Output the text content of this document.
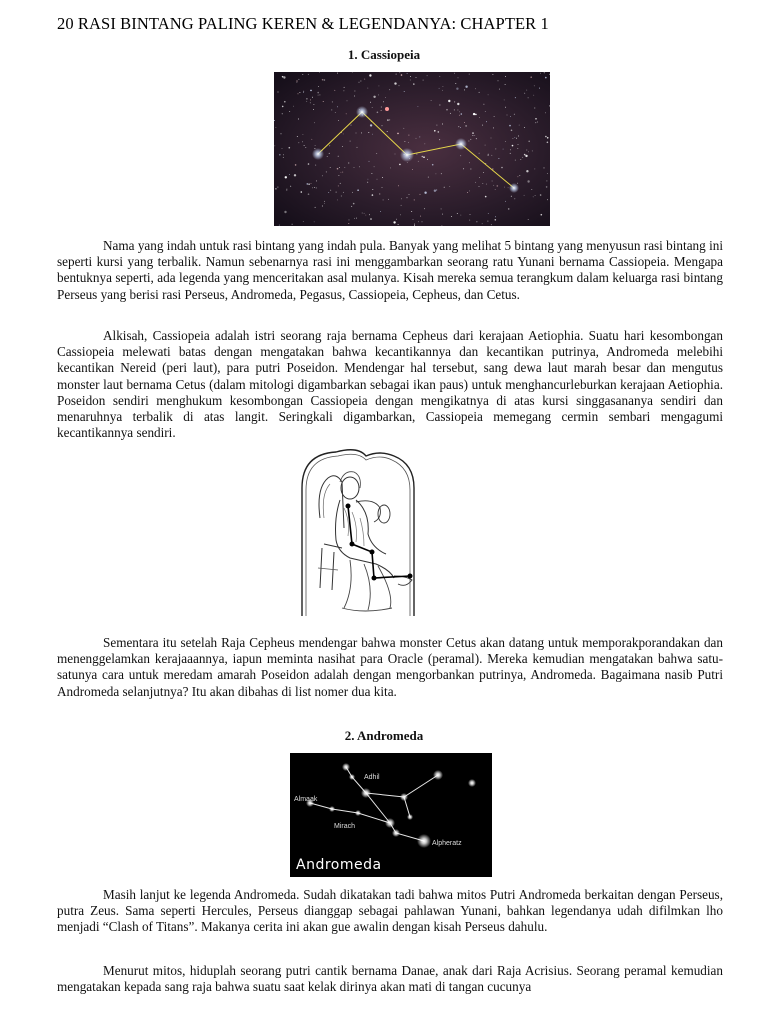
20 RASI BINTANG PALING KEREN & LEGENDANYA: CHAPTER 1
1. Cassiopeia
Nama yang indah untuk rasi bintang yang indah pula. Banyak yang melihat 5 bintang yang menyusun rasi bintang ini seperti kursi yang terbalik. Namun sebenarnya rasi ini menggambarkan seorang ratu Yunani bernama Cassiopeia. Mengapa bentuknya seperti, ada legenda yang menceritakan asal mulanya. Kisah mereka semua terangkum dalam keluarga rasi bintang Perseus yang berisi rasi Perseus, Andromeda, Pegasus, Cassiopeia, Cepheus, dan Cetus.
Alkisah, Cassiopeia adalah istri seorang raja bernama Cepheus dari kerajaan Aetiophia. Suatu hari kesombongan Cassiopeia melewati batas dengan mengatakan bahwa kecantikannya dan kecantikan putrinya, Andromeda melebihi kecantikan Nereid (peri laut), para putri Poseidon. Mendengar hal tersebut, sang dewa laut marah besar dan mengutus monster laut bernama Cetus (dalam mitologi digambarkan sebagai ikan paus) untuk menghancurleburkan kerajaan Aetiophia. Poseidon sendiri menghukum kesombongan Cassiopeia dengan mengikatnya di atas kursi singgasananya sendiri dan menaruhnya terbalik di atas langit. Seringkali digambarkan, Cassiopeia memegang cermin sembari mengagumi kecantikannya sendiri.
Sementara itu setelah Raja Cepheus mendengar bahwa monster Cetus akan datang untuk memporakporandakan dan menenggelamkan kerajaaannya, iapun meminta nasihat para Oracle (peramal). Mereka kemudian mengatakan bahwa satu-satunya cara untuk meredam amarah Poseidon adalah dengan mengorbankan putrinya, Andromeda. Bagaimana nasib Putri Andromeda selanjutnya? Itu akan dibahas di list nomer dua kita.
2. Andromeda
Adhil
Almaak
Mirach
Alpheratz
Andromeda
Masih lanjut ke legenda Andromeda. Sudah dikatakan tadi bahwa mitos Putri Andromeda berkaitan dengan Perseus, putra Zeus. Sama seperti Hercules, Perseus dianggap sebagai pahlawan Yunani, bahkan legendanya udah difilmkan lho menjadi “Clash of Titans”. Makanya cerita ini akan gue awalin dengan kisah Perseus dahulu.
Menurut mitos, hiduplah seorang putri cantik bernama Danae, anak dari Raja Acrisius. Seorang peramal kemudian mengatakan kepada sang raja bahwa suatu saat kelak dirinya akan mati di tangan cucunya
